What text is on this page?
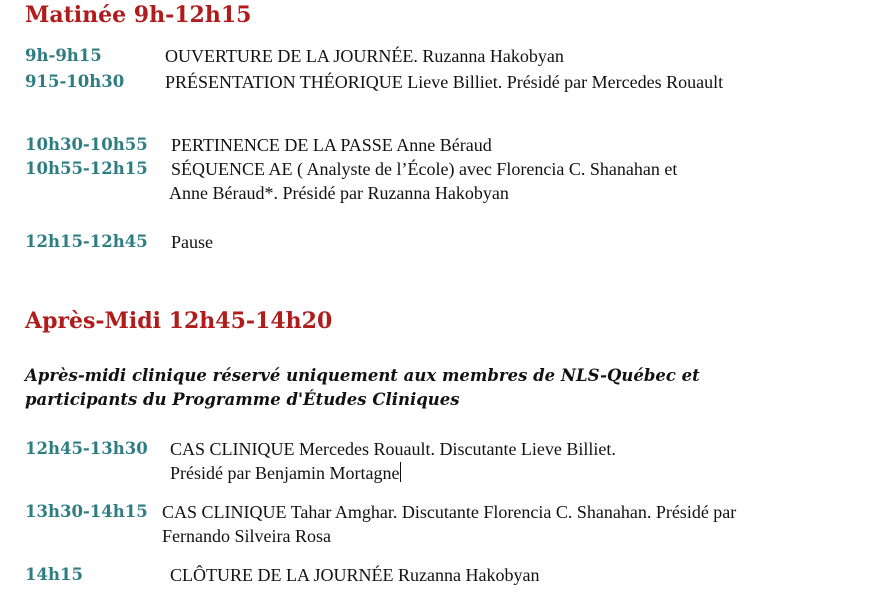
Matinée 9h-12h15
9h-9h15	OUVERTURE DE LA JOURNÉE. Ruzanna Hakobyan
915-10h30 PRÉSENTATION THÉORIQUE Lieve Billiet. Présidé par Mercedes Rouault
10h30-10h55 PERTINENCE DE LA PASSE Anne Béraud
10h55-12h15 SÉQUENCE AE ( Analyste de l’École) avec Florencia C. Shanahan et
Anne Béraud*. Présidé par Ruzanna Hakobyan
12h15-12h45 Pause
Après-Midi 12h45-14h20
Après-midi clinique réservé uniquement aux membres de NLS-Québec et
participants du Programme d'Études Cliniques
12h45-13h30 CAS CLINIQUE Mercedes Rouault. Discutante Lieve Billiet.
Présidé par Benjamin Mortagne
13h30-14h15 CAS CLINIQUE Tahar Amghar. Discutante Florencia C. Shanahan. Présidé par
Fernando Silveira Rosa
14h15	CLÔTURE DE LA JOURNÉE Ruzanna Hakobyan
